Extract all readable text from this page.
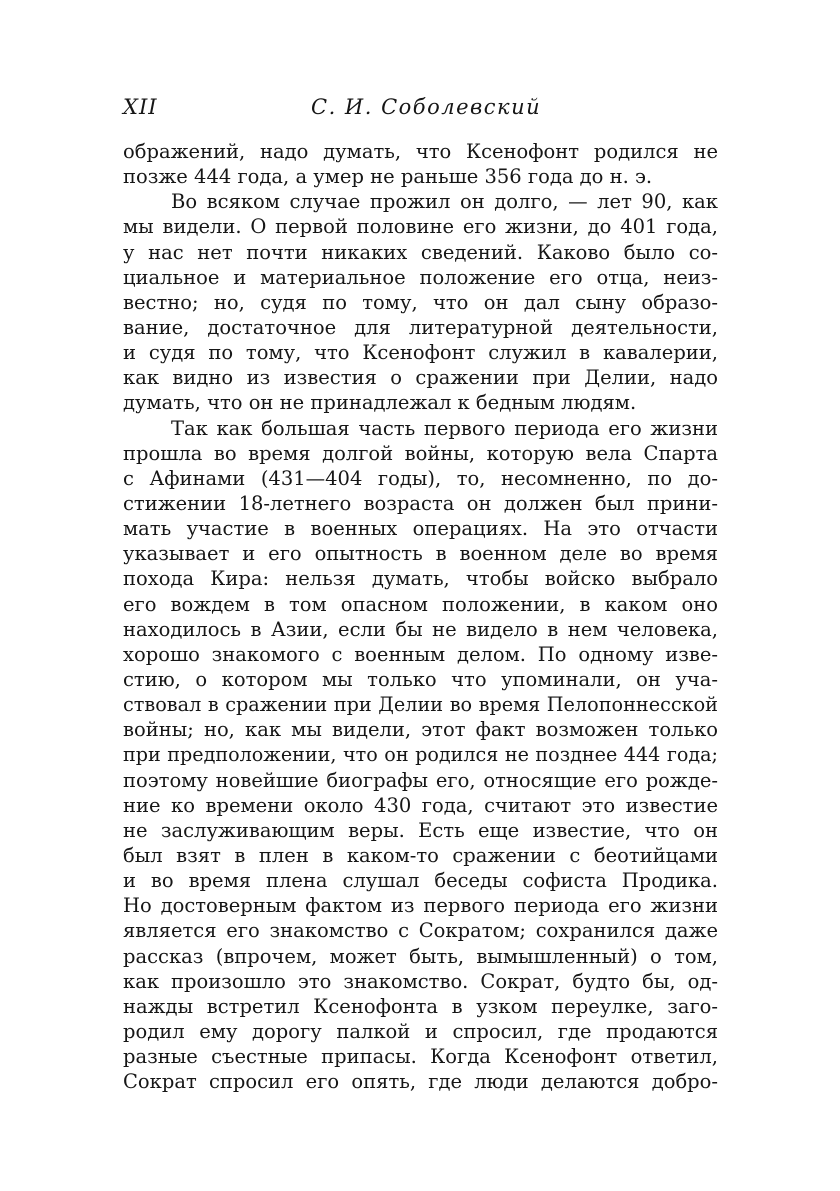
XII	С. И. Соболевский
ображений, надо думать, что Ксенофонт родился не
позже 444 года, а умер не раньше 356 года до н. э.
Во всяком случае прожил он долго, — лет 90, как
мы видели. О первой половине его жизни, до 401 года,
у нас нет почти никаких сведений. Каково было со-
циальное и материальное положение его отца, неиз-
вестно; но, судя по тому, что он дал сыну образо-
вание, достаточное для литературной деятельности,
и судя по тому, что Ксенофонт служил в кавалерии,
как видно из известия о сражении при Делии, надо
думать, что он не принадлежал к бедным людям.
Так как большая часть первого периода его жизни
прошла во время долгой войны, которую вела Спарта
с Афинами (431—404 годы), то, несомненно, по до-
стижении 18-летнего возраста он должен был прини-
мать участие в военных операциях. На это отчасти
указывает и его опытность в военном деле во время
похода Кира: нельзя думать, чтобы войско выбрало
его вождем в том опасном положении, в каком оно
находилось в Азии, если бы не видело в нем человека,
хорошо знакомого с военным делом. По одному изве-
стию, о котором мы только что упоминали, он уча-
ствовал в сражении при Делии во время Пелопоннесской
войны; но, как мы видели, этот факт возможен только
при предположении, что он родился не позднее 444 года;
поэтому новейшие биографы его, относящие его рожде-
ние ко времени около 430 года, считают это известие
не заслуживающим веры. Есть еще известие, что он
был взят в плен в каком-то сражении с беотийцами
и во время плена слушал беседы софиста Продика.
Но достоверным фактом из первого периода его жизни
является его знакомство с Сократом; сохранился даже
рассказ (впрочем, может быть, вымышленный) о том,
как произошло это знакомство. Сократ, будто бы, од-
нажды встретил Ксенофонта в узком переулке, загo-
родил ему дорогу палкой и спросил, где продаются
разные съестные припасы. Когда Ксенофонт ответил,
Сократ спросил его опять, где люди делаются добро-
